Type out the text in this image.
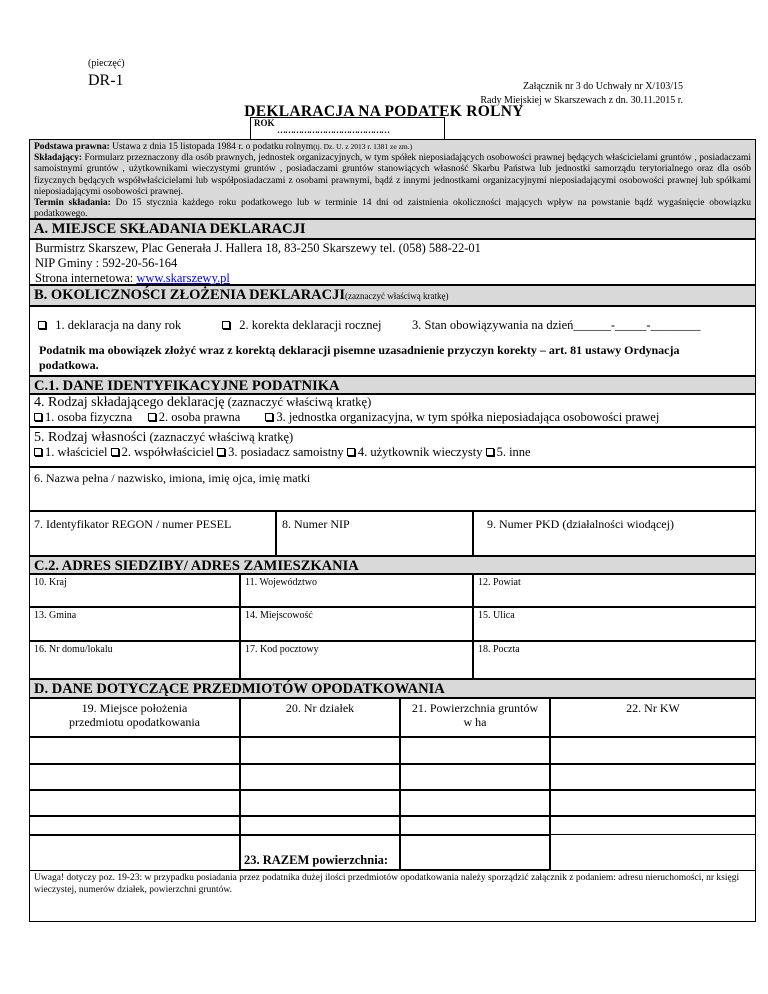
(pieczęć)
DR-1	Załącznik nr 3 do Uchwały nr X/103/15
Rady Miejskiej w Skarszewach z dn. 30.11.2015 r.
DEKLARACJA NA PODATEK ROLNY
ROK
……………………………………
Podstawa prawna: Ustawa z dnia 15 listopada 1984 r. o podatku rolnym(tj. Dz. U. z 2013 r. 1381 ze zm.)
Składający: Formularz przeznaczony dla osób prawnych, jednostek organizacyjnych, w tym spółek nieposiadających osobowości prawnej będących właścicielami gruntów , posiadaczami samoistnymi gruntów , użytkownikami wieczystymi gruntów , posiadaczami gruntów stanowiących własność Skarbu Państwa lub jednostki samorządu terytorialnego oraz dla osób fizycznych będących współwłaścicielami lub współposiadaczami z osobami prawnymi, bądź z innymi jednostkami organizacyjnymi nieposiadającymi osobowości prawnej lub spółkami nieposiadającymi osobowości prawnej.
Termin składania: Do 15 stycznia każdego roku podatkowego lub w terminie 14 dni od zaistnienia okoliczności mających wpływ na powstanie bądź wygaśnięcie obowiązku podatkowego.
A. MIEJSCE SKŁADANIA DEKLARACJI
Burmistrz Skarszew, Plac Generała J. Hallera 18, 83-250 Skarszewy tel. (058) 588-22-01
NIP Gminy : 592-20-56-164
Strona internetowa: www.skarszewy.pl
B. OKOLICZNOŚCI ZŁOŻENIA DEKLARACJI(zaznaczyć właściwą kratkę)
1. deklaracja na dany rok	2. korekta deklaracji rocznej 3. Stan obowiązywania na dzień______-_____-________
Podatnik ma obowiązek złożyć wraz z korektą deklaracji pisemne uzasadnienie przyczyn korekty – art. 81 ustawy Ordynacja podatkowa.
C.1. DANE IDENTYFIKACYJNE PODATNIKA
4. Rodzaj składającego deklarację (zaznaczyć właściwą kratkę)
1. osoba fizyczna 2. osoba prawna	3. jednostka organizacyjna, w tym spółka nieposiadająca osobowości prawej
5. Rodzaj własności (zaznaczyć właściwą kratkę)
1. właściciel 2. współwłaściciel 3. posiadacz samoistny 4. użytkownik wieczysty 5. inne
6. Nazwa pełna / nazwisko, imiona, imię ojca, imię matki
7. Identyfikator REGON / numer PESEL	8. Numer NIP	9. Numer PKD (działalności wiodącej)
C.2. ADRES SIEDZIBY/ ADRES ZAMIESZKANIA
10. Kraj	11. Województwo	12. Powiat
13. Gmina	14. Miejscowość	15. Ulica
16. Nr domu/lokalu	17. Kod pocztowy	18. Poczta
D. DANE DOTYCZĄCE PRZEDMIOTÓW OPODATKOWANIA
19. Miejsce położenia
przedmiotu opodatkowania
20. Nr działek	21. Powierzchnia gruntów
w ha
22. Nr KW
23. RAZEM powierzchnia:
Uwaga! dotyczy poz. 19-23: w przypadku posiadania przez podatnika dużej ilości przedmiotów opodatkowania należy sporządzić załącznik z podaniem: adresu nieruchomości, nr księgi wieczystej, numerów działek, powierzchni gruntów.
